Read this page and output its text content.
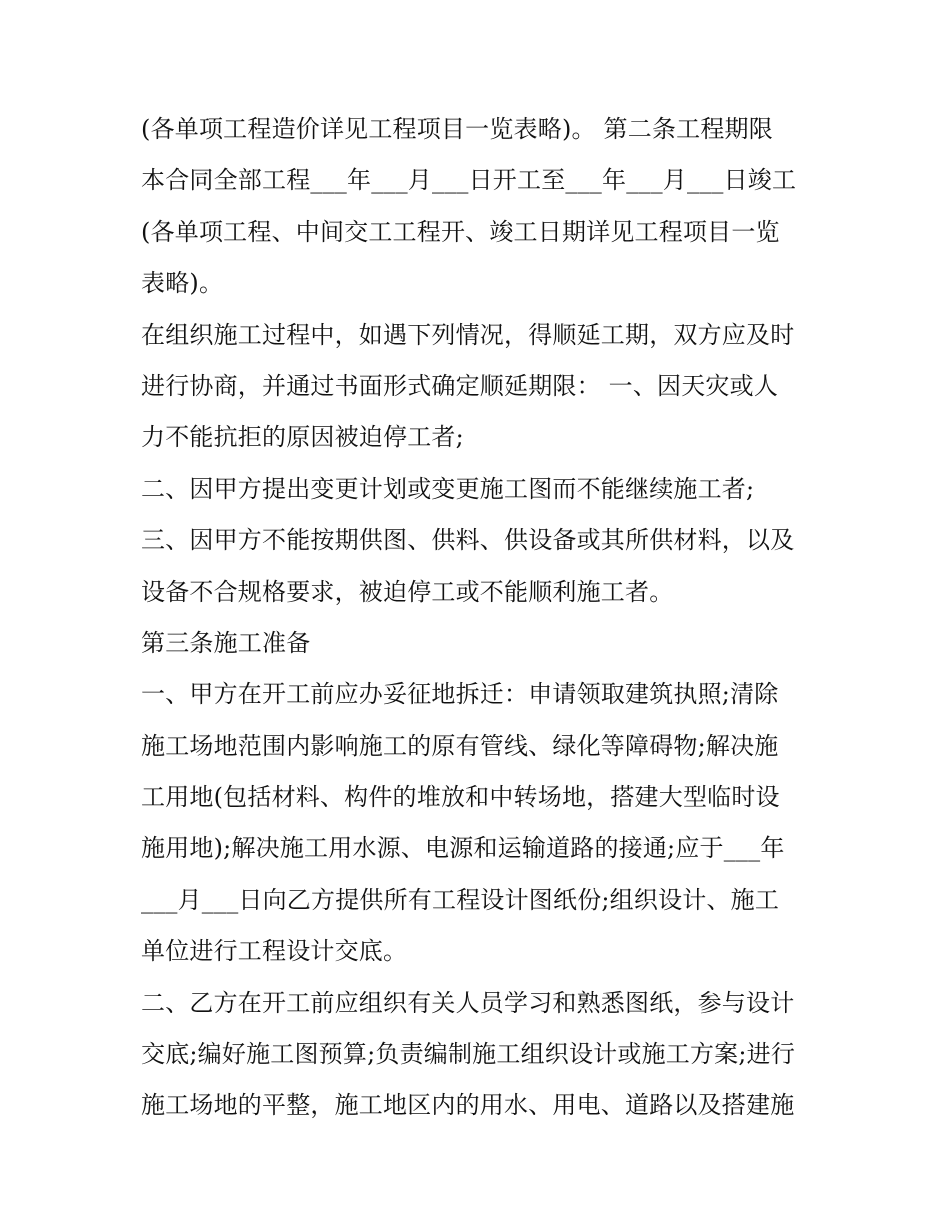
(各单项工程造价详见工程项目一览表略)。 第二条工程期限
本合同全部工程___年___月___日开工至___年___月___日竣工
(各单项工程、中间交工工程开、竣工日期详见工程项目一览
表略)。
在组织施工过程中，如遇下列情况，得顺延工期，双方应及时
进行协商，并通过书面形式确定顺延期限： 一、因天灾或人
力不能抗拒的原因被迫停工者;
二、因甲方提出变更计划或变更施工图而不能继续施工者;
三、因甲方不能按期供图、供料、供设备或其所供材料，以及
设备不合规格要求，被迫停工或不能顺利施工者。
第三条施工准备
一、甲方在开工前应办妥征地拆迁：申请领取建筑执照;清除
施工场地范围内影响施工的原有管线、绿化等障碍物;解决施
工用地(包括材料、构件的堆放和中转场地，搭建大型临时设
施用地);解决施工用水源、电源和运输道路的接通;应于___年
___月___日向乙方提供所有工程设计图纸份;组织设计、施工
单位进行工程设计交底。
二、乙方在开工前应组织有关人员学习和熟悉图纸，参与设计
交底;编好施工图预算;负责编制施工组织设计或施工方案;进行
施工场地的平整，施工地区内的用水、用电、道路以及搭建施
